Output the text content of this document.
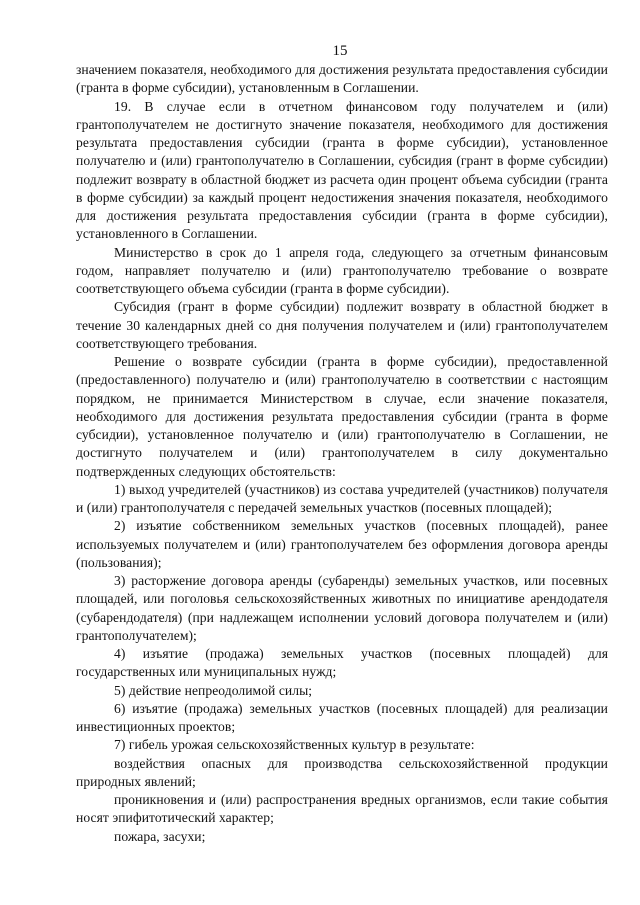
15

значением показателя, необходимого для достижения результата предоставления субсидии (гранта в форме субсидии), установленным в Соглашении.

19. В случае если в отчетном финансовом году получателем и (или) грантополучателем не достигнуто значение показателя, необходимого для достижения результата предоставления субсидии (гранта в форме субсидии), установленное получателю и (или) грантополучателю в Соглашении, субсидия (грант в форме субсидии) подлежит возврату в областной бюджет из расчета один процент объема субсидии (гранта в форме субсидии) за каждый процент недостижения значения показателя, необходимого для достижения результата предоставления субсидии (гранта в форме субсидии), установленного в Соглашении.

Министерство в срок до 1 апреля года, следующего за отчетным финансовым годом, направляет получателю и (или) грантополучателю требование о возврате соответствующего объема субсидии (гранта в форме субсидии).

Субсидия (грант в форме субсидии) подлежит возврату в областной бюджет в течение 30 календарных дней со дня получения получателем и (или) грантополучателем соответствующего требования.

Решение о возврате субсидии (гранта в форме субсидии), предоставленной (предоставленного) получателю и (или) грантополучателю в соответствии с настоящим порядком, не принимается Министерством в случае, если значение показателя, необходимого для достижения результата предоставления субсидии (гранта в форме субсидии), установленное получателю и (или) грантополучателю в Соглашении, не достигнуто получателем и (или) грантополучателем в силу документально подтвержденных следующих обстоятельств:

1) выход учредителей (участников) из состава учредителей (участников) получателя и (или) грантополучателя с передачей земельных участков (посевных площадей);

2) изъятие собственником земельных участков (посевных площадей), ранее используемых получателем и (или) грантополучателем без оформления договора аренды (пользования);

3) расторжение договора аренды (субаренды) земельных участков, или посевных площадей, или поголовья сельскохозяйственных животных по инициативе арендодателя (субарендодателя) (при надлежащем исполнении условий договора получателем и (или) грантополучателем);

4) изъятие (продажа) земельных участков (посевных площадей) для государственных или муниципальных нужд;

5) действие непреодолимой силы;

6) изъятие (продажа) земельных участков (посевных площадей) для реализации инвестиционных проектов;

7) гибель урожая сельскохозяйственных культур в результате:

воздействия опасных для производства сельскохозяйственной продукции природных явлений;

проникновения и (или) распространения вредных организмов, если такие события носят эпифитотический характер;

пожара, засухи;
